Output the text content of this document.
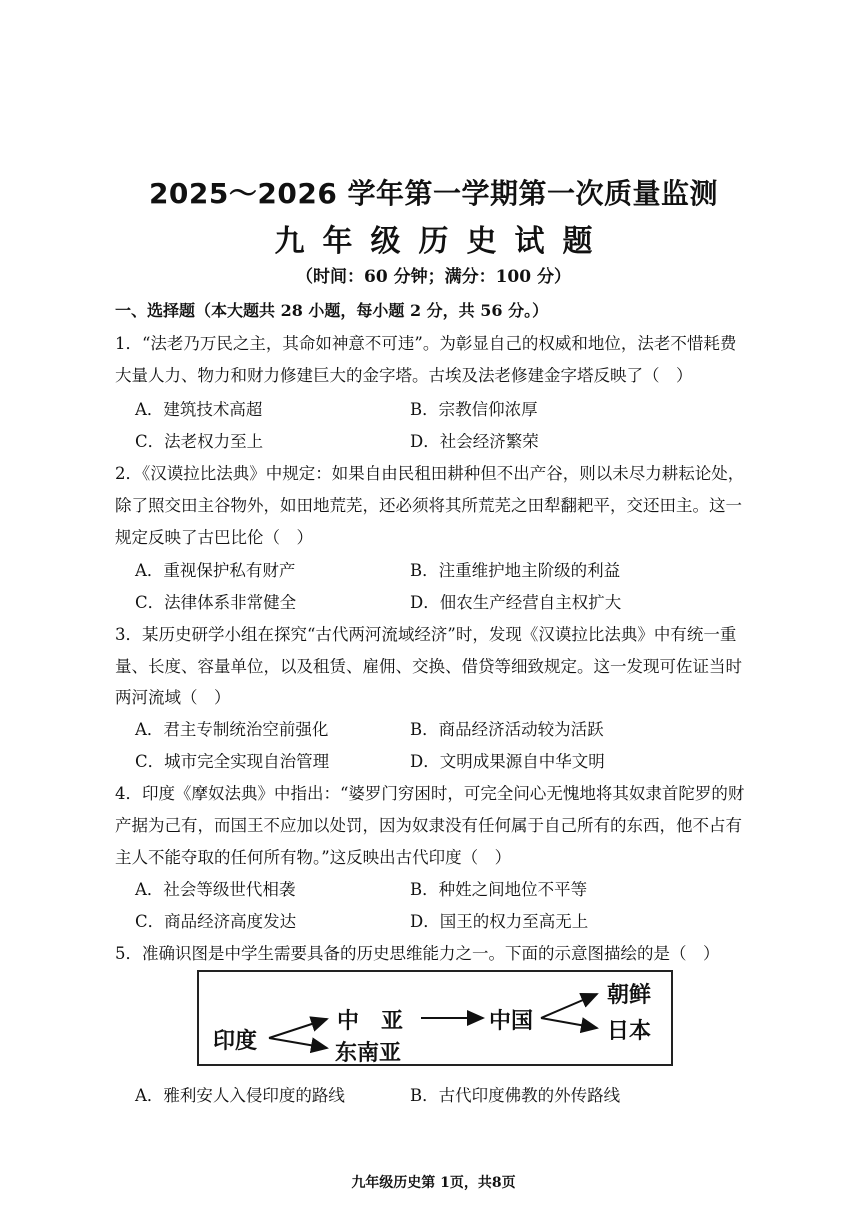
2025～2026 学年第一学期第一次质量监测
九年级历史试题
（时间：60 分钟；满分：100 分）
一、选择题（本大题共 28 小题，每小题 2 分，共 56 分。）
1．“法老乃万民之主，其命如神意不可违”。为彰显自己的权威和地位，法老不惜耗费
大量人力、物力和财力修建巨大的金字塔。古埃及法老修建金字塔反映了（　）
A．建筑技术高超	B．宗教信仰浓厚
C．法老权力至上	D．社会经济繁荣
2．《汉谟拉比法典》中规定：如果自由民租田耕种但不出产谷，则以未尽力耕耘论处，
除了照交田主谷物外，如田地荒芜，还必须将其所荒芜之田犁翻耙平，交还田主。这一
规定反映了古巴比伦（　）
A．重视保护私有财产	B．注重维护地主阶级的利益
C．法律体系非常健全	D．佃农生产经营自主权扩大
3．某历史研学小组在探究“古代两河流域经济”时，发现《汉谟拉比法典》中有统一重
量、长度、容量单位，以及租赁、雇佣、交换、借贷等细致规定。这一发现可佐证当时
两河流域（　）
A．君主专制统治空前强化	B．商品经济活动较为活跃
C．城市完全实现自治管理	D．文明成果源自中华文明
4．印度《摩奴法典》中指出：“婆罗门穷困时，可完全问心无愧地将其奴隶首陀罗的财
产据为己有，而国王不应加以处罚，因为奴隶没有任何属于自己所有的东西，他不占有
主人不能夺取的任何所有物。”这反映出古代印度（　）
A．社会等级世代相袭	B．种姓之间地位不平等
C．商品经济高度发达	D．国王的权力至高无上
5．准确识图是中学生需要具备的历史思维能力之一。下面的示意图描绘的是（　）
印度
中　亚
东南亚
中国
朝鲜
日本
A．雅利安人入侵印度的路线	B．古代印度佛教的外传路线
九年级历史第 1页，共8页
